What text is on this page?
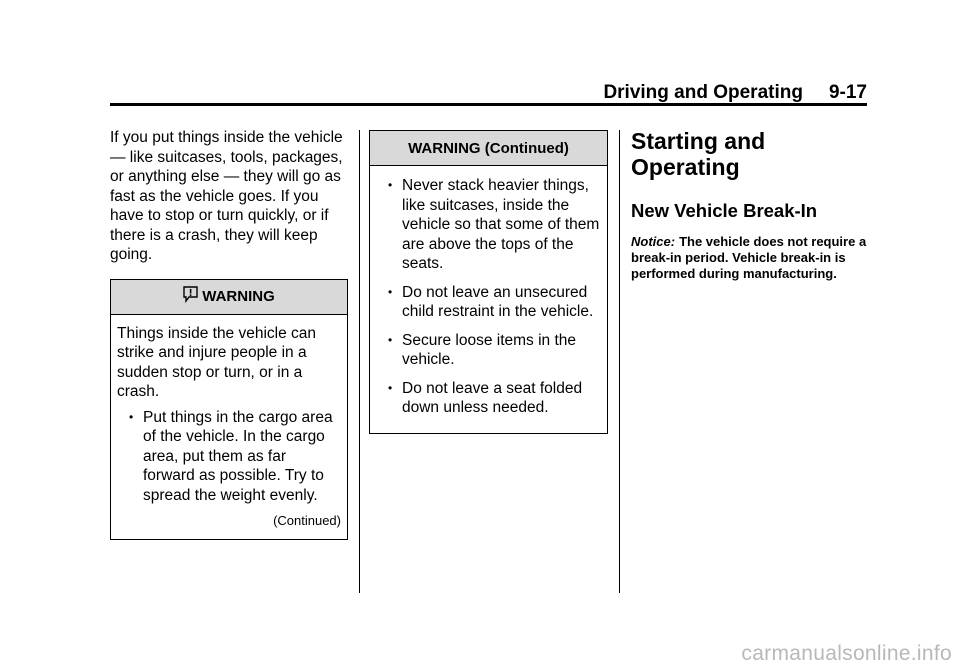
Driving and Operating 9-17

If you put things inside the vehicle — like suitcases, tools, packages, or anything else — they will go as fast as the vehicle goes. If you have to stop or turn quickly, or if there is a crash, they will keep going.

WARNING

Things inside the vehicle can strike and injure people in a sudden stop or turn, or in a crash.

• Put things in the cargo area of the vehicle. In the cargo area, put them as far forward as possible. Try to spread the weight evenly.
(Continued)
WARNING (Continued)
• Never stack heavier things, like suitcases, inside the vehicle so that some of them are above the tops of the seats.
• Do not leave an unsecured child restraint in the vehicle.
• Secure loose items in the vehicle.
• Do not leave a seat folded down unless needed.
Starting and Operating
New Vehicle Break-In

Notice: The vehicle does not require a break-in period. Vehicle break-in is performed during manufacturing.

carmanualsonline.info
